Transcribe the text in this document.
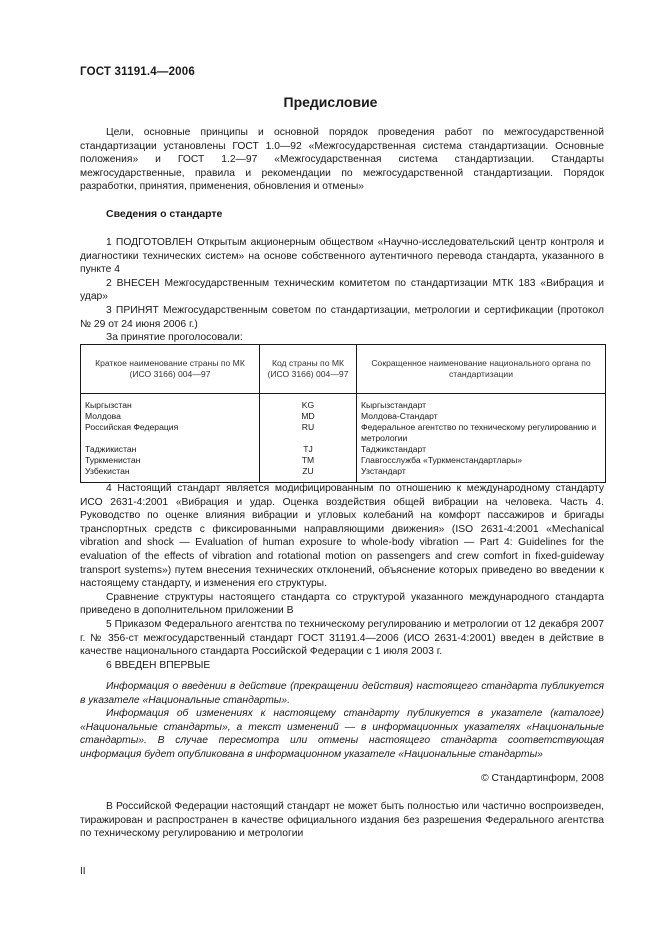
ГОСТ 31191.4—2006
Предисловие

Цели, основные принципы и основной порядок проведения работ по межгосударственной стандартизации установлены ГОСТ 1.0—92 «Межгосударственная система стандартизации. Основные положения» и ГОСТ 1.2—97 «Межгосударственная система стандартизации. Стандарты межгосударственные, правила и рекомендации по межгосударственной стандартизации. Порядок разработки, принятия, применения, обновления и отмены»

Сведения о стандарте

1 ПОДГОТОВЛЕН Открытым акционерным обществом «Научно-исследовательский центр контроля и диагностики технических систем» на основе собственного аутентичного перевода стандарта, указанного в пункте 4

2 ВНЕСЕН Межгосударственным техническим комитетом по стандартизации МТК 183 «Вибрация и удар»

3 ПРИНЯТ Межгосударственным советом по стандартизации, метрологии и сертификации (протокол № 29 от 24 июня 2006 г.)

За принятие проголосовали:

Краткое наименование страны по МК (ИСО 3166) 004—97	Код страны по МК (ИСО 3166) 004—97	Сокращенное наименование национального органа по стандартизации
Кыргызстан	KG	Кыргызстандарт
Молдова	MD	Молдова-Стандарт
Российская Федерация	RU	Федеральное агентство по техническому регулированию и метрологии
Таджикистан	TJ	Таджикстандарт
Туркменистан	TM	Главгосслужба «Туркменстандартлары»
Узбекистан	ZU	Узстандарт

4 Настоящий стандарт является модифицированным по отношению к международному стандарту ИСО 2631-4:2001 «Вибрация и удар. Оценка воздействия общей вибрации на человека. Часть 4. Руководство по оценке влияния вибрации и угловых колебаний на комфорт пассажиров и бригады транспортных средств с фиксированными направляющими движения» (ISO 2631-4:2001 «Mechanical vibration and shock — Evaluation of human exposure to whole-body vibration — Part 4: Guidelines for the evaluation of the effects of vibration and rotational motion on passengers and crew comfort in fixed-guideway transport systems») путем внесения технических отклонений, объяснение которых приведено во введении к настоящему стандарту, и изменения его структуры.

Сравнение структуры настоящего стандарта со структурой указанного международного стандарта приведено в дополнительном приложении В

5 Приказом Федерального агентства по техническому регулированию и метрологии от 12 декабря 2007 г. № 356-ст межгосударственный стандарт ГОСТ 31191.4—2006 (ИСО 2631-4:2001) введен в действие в качестве национального стандарта Российской Федерации с 1 июля 2003 г.

6 ВВЕДЕН ВПЕРВЫЕ

Информация о введении в действие (прекращении действия) настоящего стандарта публикуется в указателе «Национальные стандарты».

Информация об изменениях к настоящему стандарту публикуется в указателе (каталоге) «Национальные стандарты», а текст изменений — в информационных указателях «Национальные стандарты». В случае пересмотра или отмены настоящего стандарта соответствующая информация будет опубликована в информационном указателе «Национальные стандарты»

© Стандартинформ, 2008

В Российской Федерации настоящий стандарт не может быть полностью или частично воспроизведен, тиражирован и распространен в качестве официального издания без разрешения Федерального агентства по техническому регулированию и метрологии

II
